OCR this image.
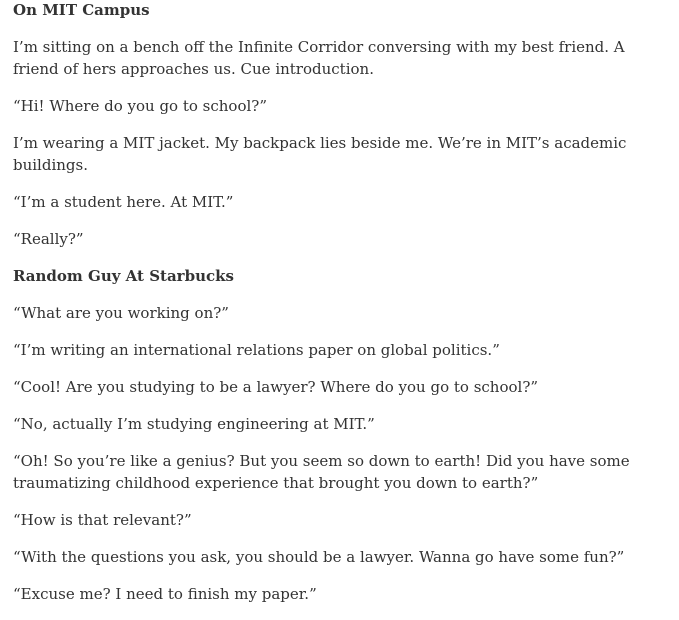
On MIT Campus

I’m sitting on a bench off the Infinite Corridor conversing with my best friend. A friend of hers approaches us. Cue introduction.

“Hi! Where do you go to school?”

I’m wearing a MIT jacket. My backpack lies beside me. We’re in MIT’s academic buildings.

“I’m a student here. At MIT.”

“Really?”

Random Guy At Starbucks

“What are you working on?”

“I’m writing an international relations paper on global politics.”

“Cool! Are you studying to be a lawyer? Where do you go to school?”

“No, actually I’m studying engineering at MIT.”

“Oh! So you’re like a genius? But you seem so down to earth! Did you have some traumatizing childhood experience that brought you down to earth?”

“How is that relevant?”

“With the questions you ask, you should be a lawyer. Wanna go have some fun?”

“Excuse me? I need to finish my paper.”
